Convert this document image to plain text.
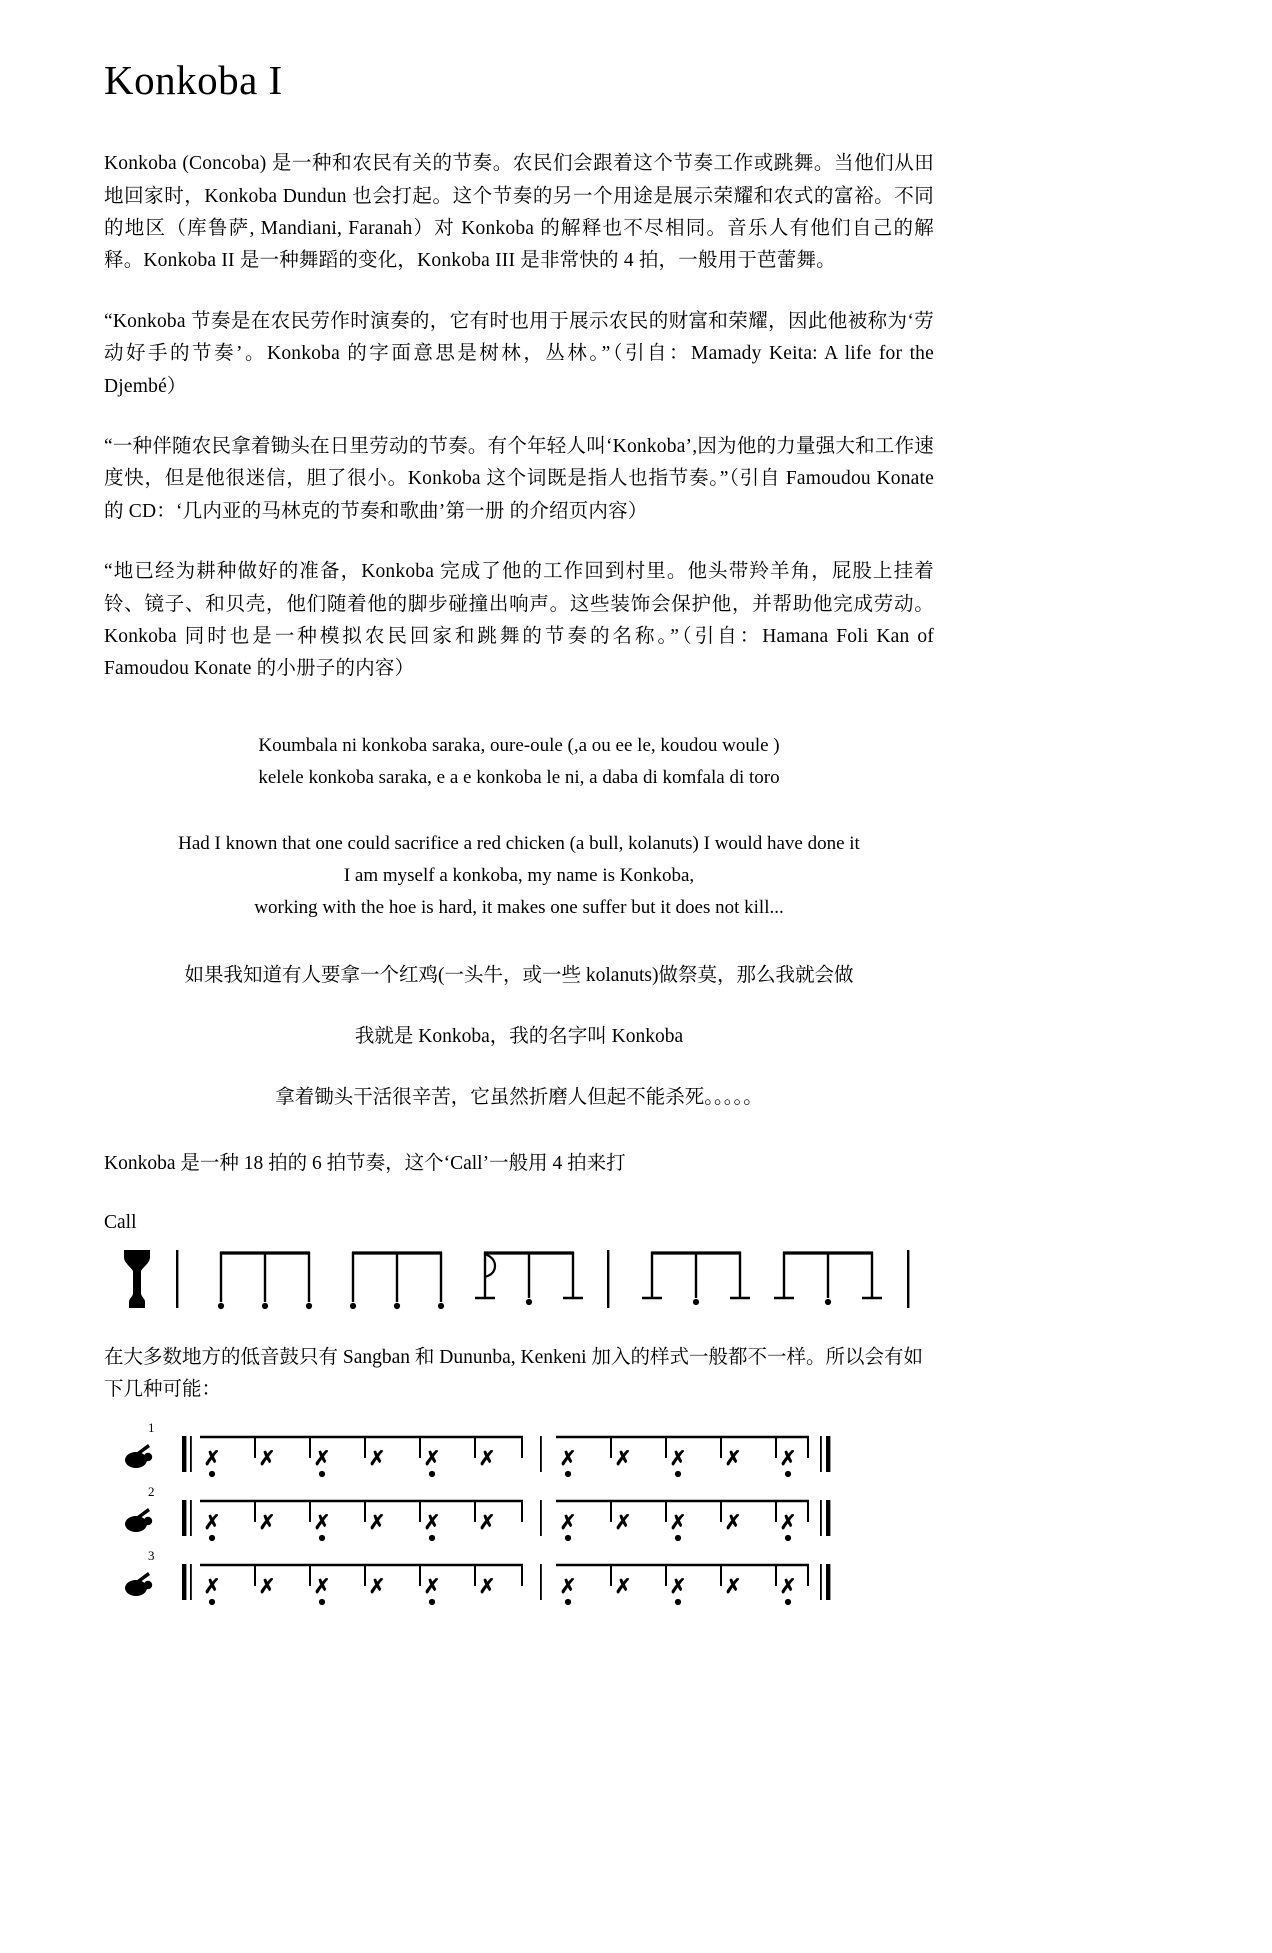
Konkoba I

Konkoba (Concoba) 是一种和农民有关的节奏。农民们会跟着这个节奏工作或跳舞。当他们从田地回家时，Konkoba Dundun 也会打起。这个节奏的另一个用途是展示荣耀和农式的富裕。不同的地区（库鲁萨, Mandiani, Faranah）对 Konkoba 的解释也不尽相同。音乐人有他们自己的解释。Konkoba II 是一种舞蹈的变化，Konkoba III 是非常快的 4 拍，一般用于芭蕾舞。

“Konkoba 节奏是在农民劳作时演奏的，它有时也用于展示农民的财富和荣耀，因此他被称为‘劳动好手的节奏’。Konkoba 的字面意思是树林，丛林。”（引自：Mamady Keita: A life for the Djembé）

“一种伴随农民拿着锄头在日里劳动的节奏。有个年轻人叫‘Konkoba’,因为他的力量强大和工作速度快，但是他很迷信，胆了很小。Konkoba 这个词既是指人也指节奏。”（引自 Famoudou Konate 的 CD：‘几内亚的马林克的节奏和歌曲’第一册 的介绍页内容）

“地已经为耕种做好的准备，Konkoba 完成了他的工作回到村里。他头带羚羊角，屁股上挂着铃、镜子、和贝壳，他们随着他的脚步碰撞出响声。这些装饰会保护他，并帮助他完成劳动。Konkoba 同时也是一种模拟农民回家和跳舞的节奏的名称。”（引自：Hamana Foli Kan of Famoudou Konate 的小册子的内容）

Koumbala ni konkoba saraka, oure-oule (,a ou ee le, koudou woule )
kelele konkoba saraka, e a e konkoba le ni, a daba di komfala di toro
Had I known that one could sacrifice a red chicken (a bull, kolanuts) I would have done it
I am myself a konkoba, my name is Konkoba,
working with the hoe is hard, it makes one suffer but it does not kill...
如果我知道有人要拿一个红鸡(一头牛，或一些 kolanuts)做祭莫，那么我就会做
我就是 Konkoba，我的名字叫 Konkoba
拿着锄头干活很辛苦，它虽然折磨人但起不能杀死。。。。。

Konkoba 是一种 18 拍的 6 拍节奏，这个‘Call’一般用 4 拍来打

Call

在大多数地方的低音鼓只有 Sangban 和 Dununba, Kenkeni 加入的样式一般都不一样。所以会有如下几种可能：

1
✗ ✗ ✗ ✗ ✗ ✗	✗ ✗ ✗ ✗ ✗
2
✗ ✗ ✗ ✗ ✗ ✗	✗ ✗ ✗ ✗ ✗
3
✗ ✗ ✗ ✗ ✗ ✗	✗ ✗ ✗ ✗ ✗
